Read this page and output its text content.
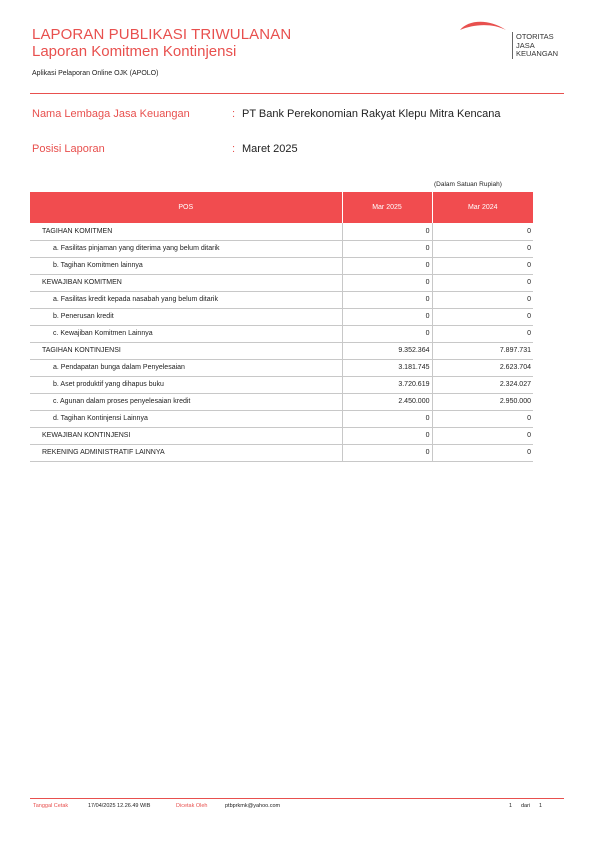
LAPORAN PUBLIKASI TRIWULANAN
Laporan Komitmen Kontinjensi
Aplikasi Pelaporan Online OJK (APOLO)
OTORITAS
JASA
KEUANGAN
Nama Lembaga Jasa Keuangan	: PT Bank Perekonomian Rakyat Klepu Mitra Kencana
Posisi Laporan	: Maret 2025
(Dalam Satuan Rupiah)
POS	Mar 2025	Mar 2024
TAGIHAN KOMITMEN	0	0
a. Fasilitas pinjaman yang diterima yang belum ditarik	0	0
b. Tagihan Komitmen lainnya	0	0
KEWAJIBAN KOMITMEN	0	0
a. Fasilitas kredit kepada nasabah yang belum ditarik	0	0
b. Penerusan kredit	0	0
c. Kewajiban Komitmen Lainnya	0	0
TAGIHAN KONTINJENSI	9.352.364	7.897.731
a. Pendapatan bunga dalam Penyelesaian	3.181.745	2.623.704
b. Aset produktif yang dihapus buku	3.720.619	2.324.027
c. Agunan dalam proses penyelesaian kredit	2.450.000	2.950.000
d. Tagihan Kontinjensi Lainnya	0	0
KEWAJIBAN KONTINJENSI	0	0
REKENING ADMINISTRATIF LAINNYA	0	0
Tanggal Cetak	17/04/2025 12.26.49 WIB	Dicetak Oleh	ptbprkmk@yahoo.com	1 dari 1
